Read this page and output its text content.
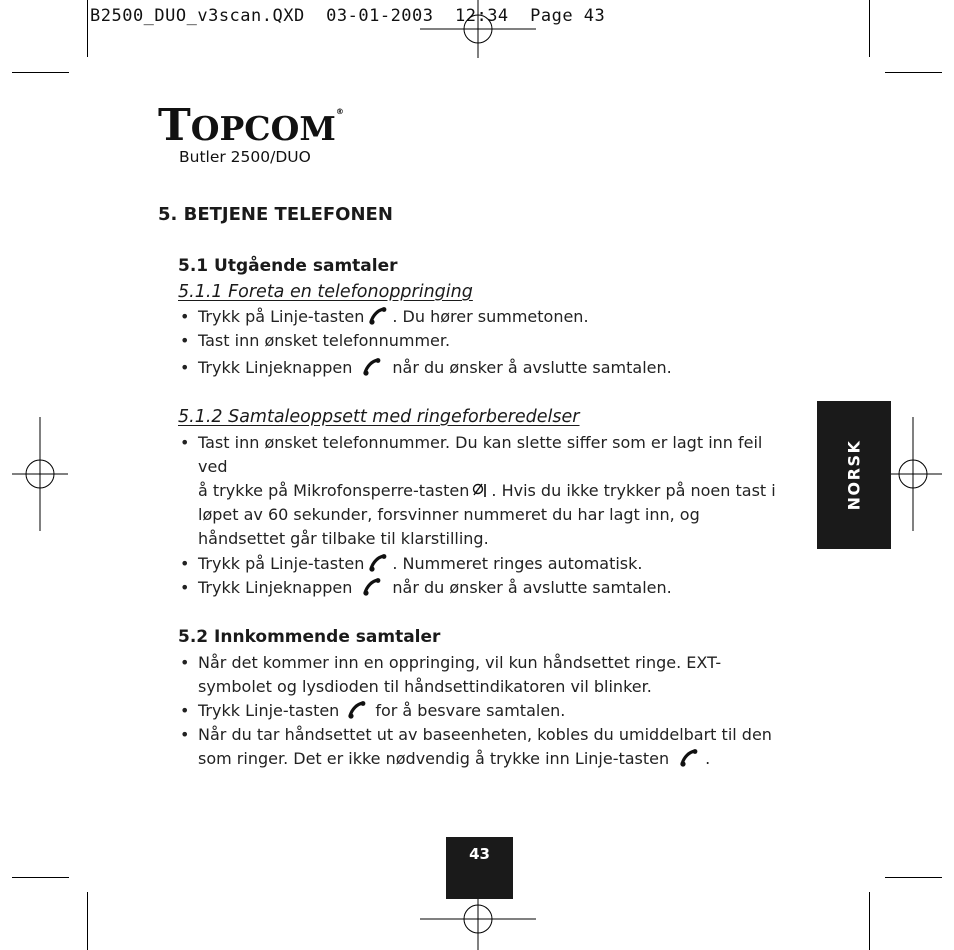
B2500_DUO_v3scan.QXD  03-01-2003  12:34  Page 43
TOPCOM®
Butler 2500/DUO
5. BETJENE TELEFONEN
5.1 Utgående samtaler
5.1.1 Foreta en telefonoppringing
• Trykk på Linje-tasten . Du hører summetonen.
• Tast inn ønsket telefonnummer.
• Trykk Linjeknappen	når du ønsker å avslutte samtalen.
5.1.2 Samtaleoppsett med ringeforberedelser
• Tast inn ønsket telefonnummer. Du kan slette siffer som er lagt inn feil
ved
å trykke på Mikrofonsperre-tasten . Hvis du ikke trykker på noen tast i
løpet av 60 sekunder, forsvinner nummeret du har lagt inn, og
håndsettet går tilbake til klarstilling.
• Trykk på Linje-tasten . Nummeret ringes automatisk.
• Trykk Linjeknappen	når du ønsker å avslutte samtalen.
5.2 Innkommende samtaler
• Når det kommer inn en oppringing, vil kun håndsettet ringe. EXT-
symbolet og lysdioden til håndsettindikatoren vil blinker.
• Trykk Linje-tasten for å besvare samtalen.
• Når du tar håndsettet ut av baseenheten, kobles du umiddelbart til den
som ringer. Det er ikke nødvendig å trykke inn Linje-tasten .
NORSK
43
